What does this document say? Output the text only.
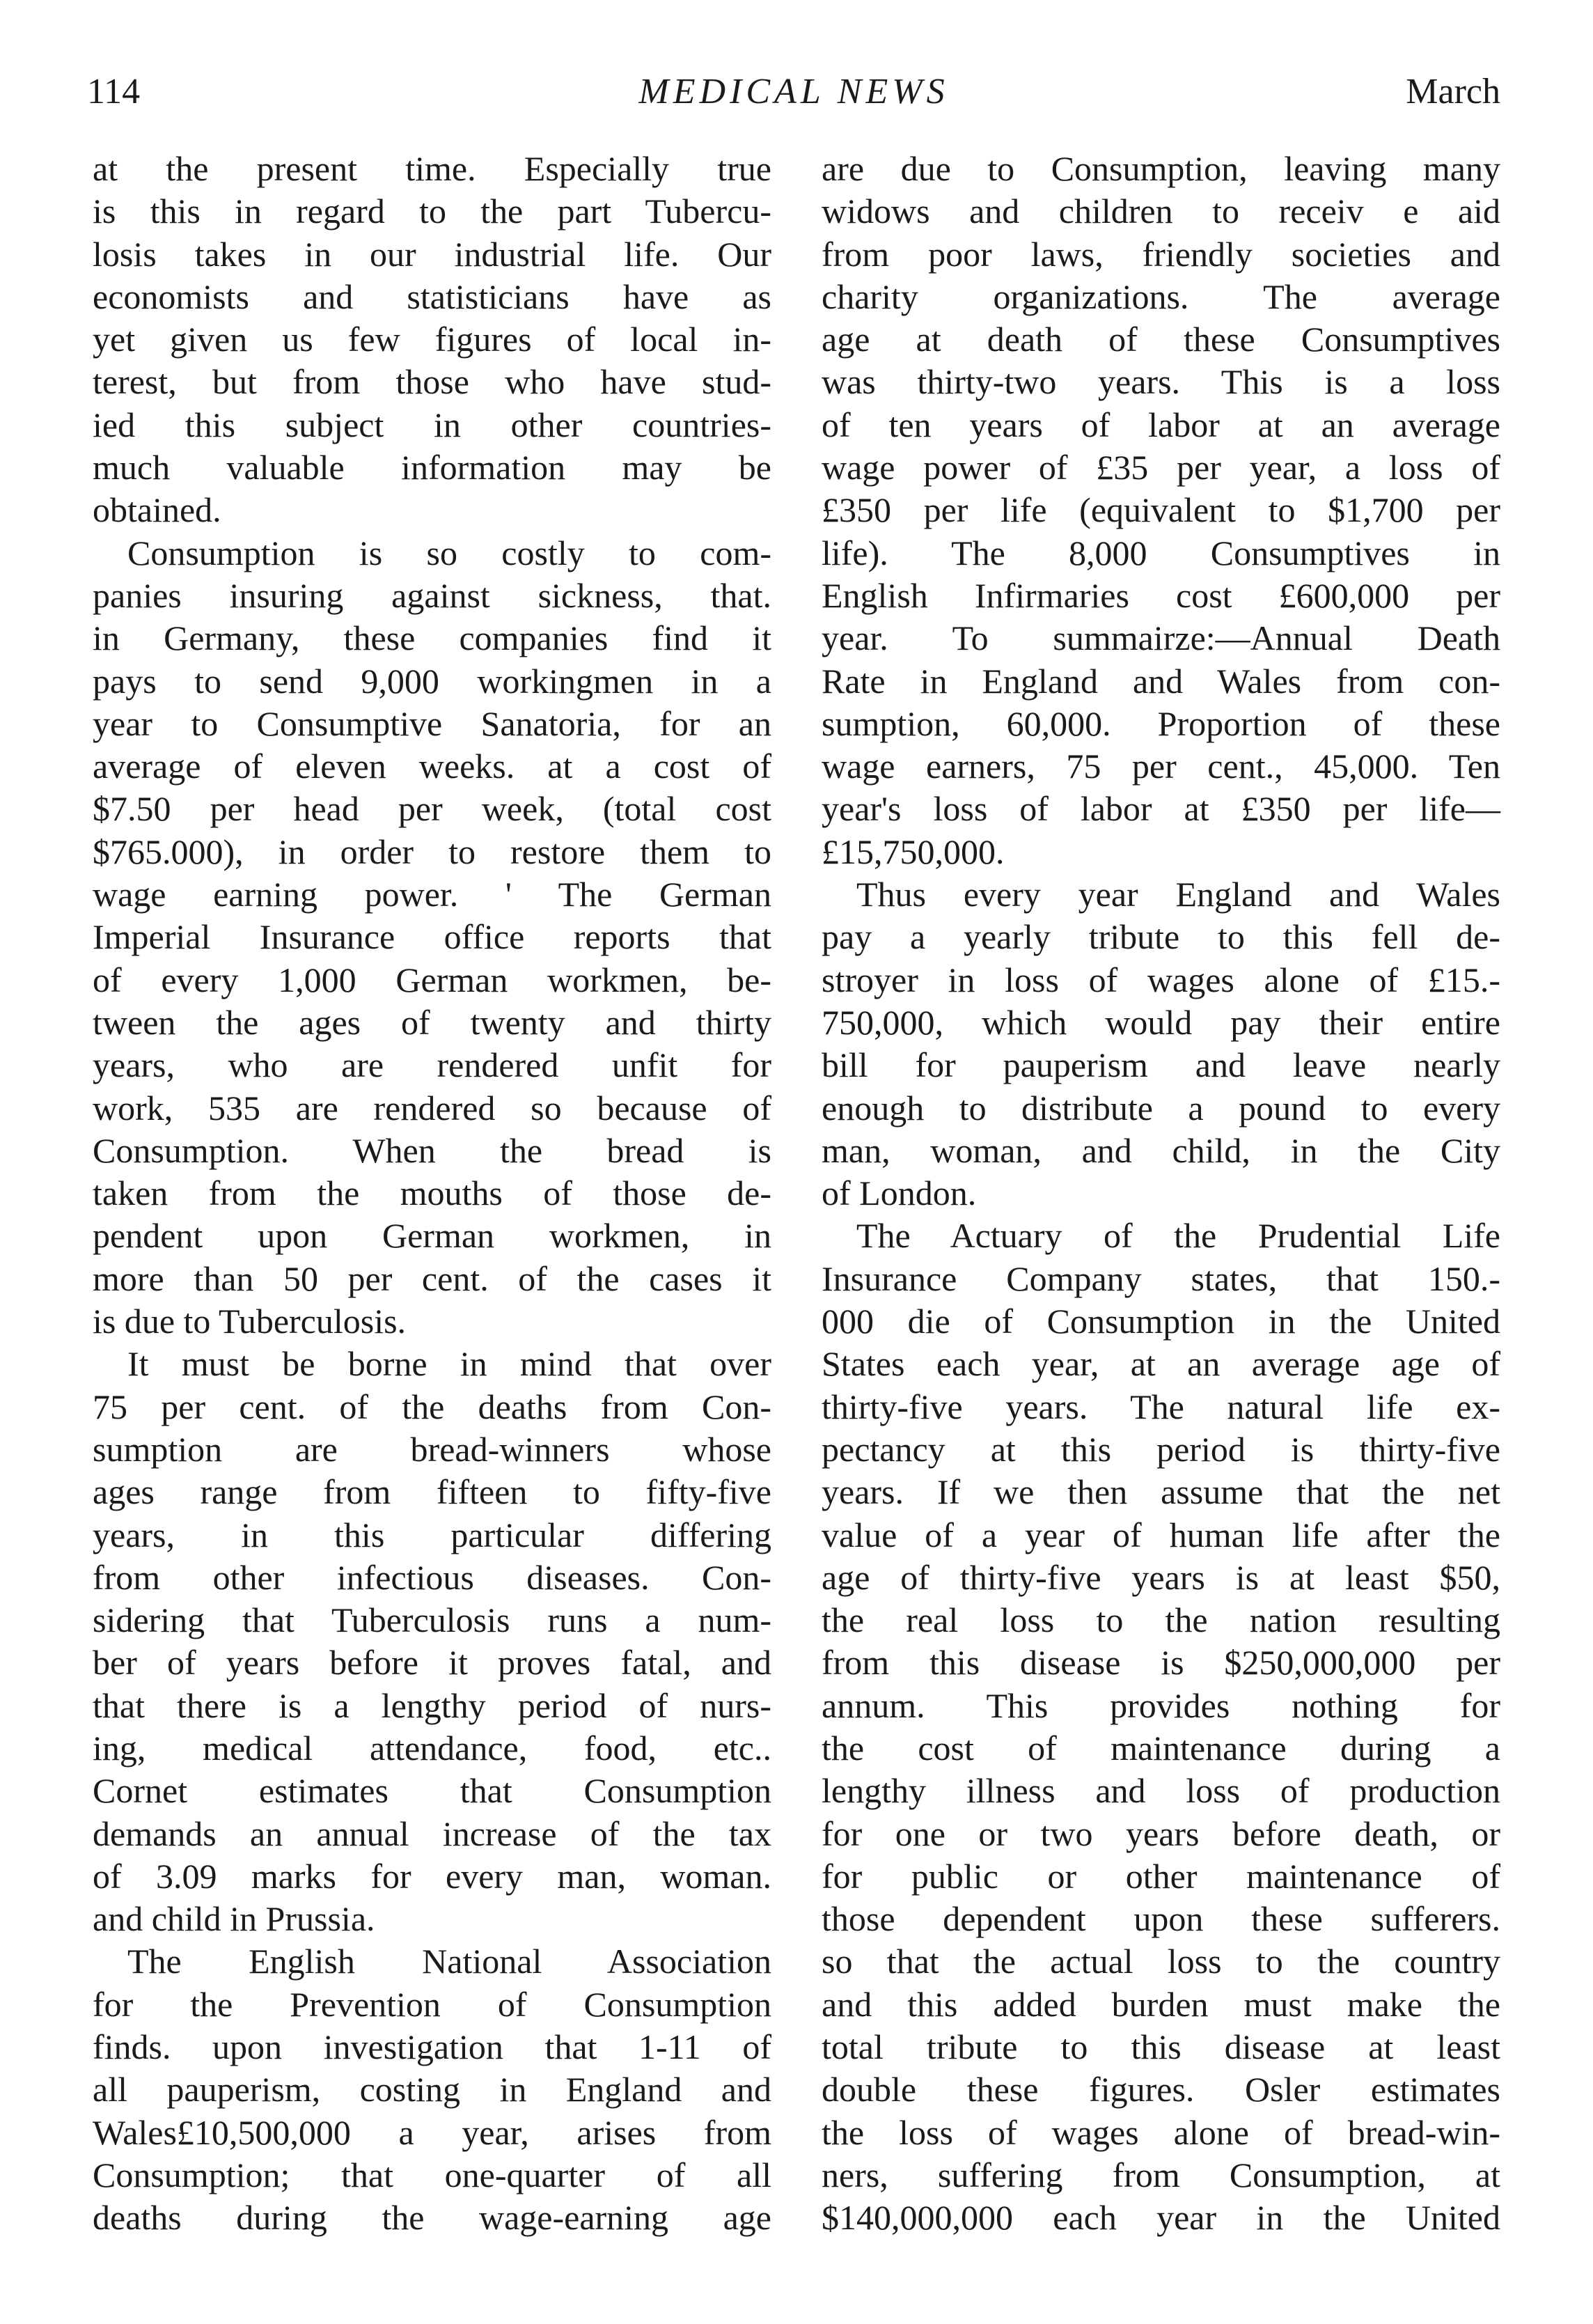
114	MEDICAL NEWS	March
at the present time. Especially true
is this in regard to the part Tubercu-
losis takes in our industrial life. Our
economists and statisticians have as
yet given us few figures of local in-
terest, but from those who have stud-
ied this subject in other countries-
much valuable information may be
obtained.
Consumption is so costly to com-
panies insuring against sickness, that.
in Germany, these companies find it
pays to send 9,000 workingmen in a
year to Consumptive Sanatoria, for an
average of eleven weeks. at a cost of
$7.50 per head per week, (total cost
$765.000), in order to restore them to
wage earning power. ' The German
Imperial Insurance office reports that
of every 1,000 German workmen, be-
tween the ages of twenty and thirty
years, who are rendered unfit for
work, 535 are rendered so because of
Consumption. When the bread is
taken from the mouths of those de-
pendent upon German workmen, in
more than 50 per cent. of the cases it
is due to Tuberculosis.
It must be borne in mind that over
75 per cent. of the deaths from Con-
sumption are bread-winners whose
ages range from fifteen to fifty-five
years, in this particular differing
from other infectious diseases. Con-
sidering that Tuberculosis runs a num-
ber of years before it proves fatal, and
that there is a lengthy period of nurs-
ing, medical attendance, food, etc..
Cornet estimates that Consumption
demands an annual increase of the tax
of 3.09 marks for every man, woman.
and child in Prussia.
The English National Association
for the Prevention of Consumption
finds. upon investigation that 1-11 of
all pauperism, costing in England and
Wales£10,500,000 a year, arises from
Consumption; that one-quarter of all
deaths during the wage-earning age
are due to Consumption, leaving many
widows and children to receiv e aid
from poor laws, friendly societies and
charity organizations. The average
age at death of these Consumptives
was thirty-two years. This is a loss
of ten years of labor at an average
wage power of £35 per year, a loss of
£350 per life (equivalent to $1,700 per
life). The 8,000 Consumptives in
English Infirmaries cost £600,000 per
year. To summairze:—Annual Death
Rate in England and Wales from con-
sumption, 60,000. Proportion of these
wage earners, 75 per cent., 45,000. Ten
year's loss of labor at £350 per life—
£15,750,000.
Thus every year England and Wales
pay a yearly tribute to this fell de-
stroyer in loss of wages alone of £15.-
750,000, which would pay their entire
bill for pauperism and leave nearly
enough to distribute a pound to every
man, woman, and child, in the City
of London.
The Actuary of the Prudential Life
Insurance Company states, that 150.-
000 die of Consumption in the United
States each year, at an average age of
thirty-five years. The natural life ex-
pectancy at this period is thirty-five
years. If we then assume that the net
value of a year of human life after the
age of thirty-five years is at least $50,
the real loss to the nation resulting
from this disease is $250,000,000 per
annum. This provides nothing for
the cost of maintenance during a
lengthy illness and loss of production
for one or two years before death, or
for public or other maintenance of
those dependent upon these sufferers.
so that the actual loss to the country
and this added burden must make the
total tribute to this disease at least
double these figures. Osler estimates
the loss of wages alone of bread-win-
ners, suffering from Consumption, at
$140,000,000 each year in the United
